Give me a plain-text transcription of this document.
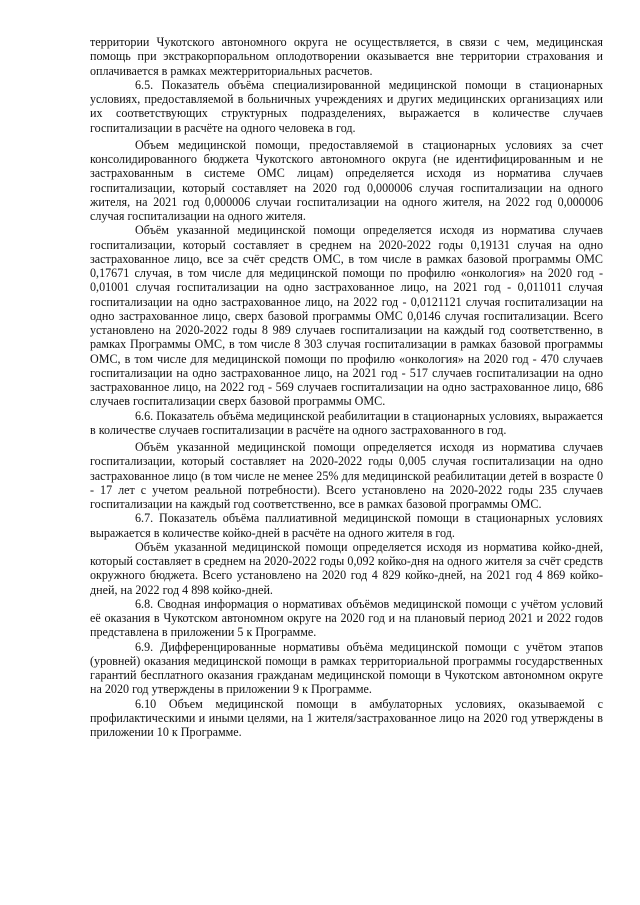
территории Чукотского автономного округа не осуществляется, в связи с чем, медицинская помощь при экстракорпоральном оплодотворении оказывается вне территории страхования и оплачивается в рамках межтерриториальных расчетов.

6.5. Показатель объёма специализированной медицинской помощи в стационарных условиях, предоставляемой в больничных учреждениях и других медицинских организациях или их соответствующих структурных подразделениях, выражается в количестве случаев госпитализации в расчёте на одного человека в год.

Объем медицинской помощи, предоставляемой в стационарных условиях за счет консолидированного бюджета Чукотского автономного округа (не идентифицированным и не застрахованным в системе ОМС лицам) определяется исходя из норматива случаев госпитализации, который составляет на 2020 год 0,000006 случая госпитализации на одного жителя, на 2021 год 0,000006 случаи госпитализации на одного жителя, на 2022 год 0,000006 случая госпитализации на одного жителя.

Объём указанной медицинской помощи определяется исходя из норматива случаев госпитализации, который составляет в среднем на 2020-2022 годы 0,19131 случая на одно застрахованное лицо, все за счёт средств ОМС, в том числе в рамках базовой программы ОМС 0,17671 случая, в том числе для медицинской помощи по профилю «онкология» на 2020 год - 0,01001 случая госпитализации на одно застрахованное лицо, на 2021 год - 0,011011 случая госпитализации на одно застрахованное лицо, на 2022 год - 0,0121121 случая госпитализации на одно застрахованное лицо, сверх базовой программы ОМС 0,0146 случая госпитализации. Всего установлено на 2020-2022 годы 8 989 случаев госпитализации на каждый год соответственно, в рамках Программы ОМС, в том числе 8 303 случая госпитализации в рамках базовой программы ОМС, в том числе для медицинской помощи по профилю «онкология» на 2020 год - 470 случаев госпитализации на одно застрахованное лицо, на 2021 год - 517 случаев госпитализации на одно застрахованное лицо, на 2022 год - 569 случаев госпитализации на одно застрахованное лицо, 686 случаев госпитализации сверх базовой программы ОМС.

6.6. Показатель объёма медицинской реабилитации в стационарных условиях, выражается в количестве случаев госпитализации в расчёте на одного застрахованного в год.

Объём указанной медицинской помощи определяется исходя из норматива случаев госпитализации, который составляет на 2020-2022 годы 0,005 случая госпитализации на одно застрахованное лицо (в том числе не менее 25% для медицинской реабилитации детей в возрасте 0 - 17 лет с учетом реальной потребности). Всего установлено на 2020-2022 годы 235 случаев госпитализации на каждый год соответственно, все в рамках базовой программы ОМС.

6.7. Показатель объёма паллиативной медицинской помощи в стационарных условиях выражается в количестве койко-дней в расчёте на одного жителя в год.

Объём указанной медицинской помощи определяется исходя из норматива койко-дней, который составляет в среднем на 2020-2022 годы 0,092 койко-дня на одного жителя за счёт средств окружного бюджета. Всего установлено на 2020 год 4 829 койко-дней, на 2021 год 4 869 койко-дней, на 2022 год 4 898 койко-дней.

6.8. Сводная информация о нормативах объёмов медицинской помощи с учётом условий её оказания в Чукотском автономном округе на 2020 год и на плановый период 2021 и 2022 годов представлена в приложении 5 к Программе.

6.9. Дифференцированные нормативы объёма медицинской помощи с учётом этапов (уровней) оказания медицинской помощи в рамках территориальной программы государственных гарантий бесплатного оказания гражданам медицинской помощи в Чукотском автономном округе на 2020 год утверждены в приложении 9 к Программе.

6.10 Объем медицинской помощи в амбулаторных условиях, оказываемой с профилактическими и иными целями, на 1 жителя/застрахованное лицо на 2020 год утверждены в приложении 10 к Программе.
